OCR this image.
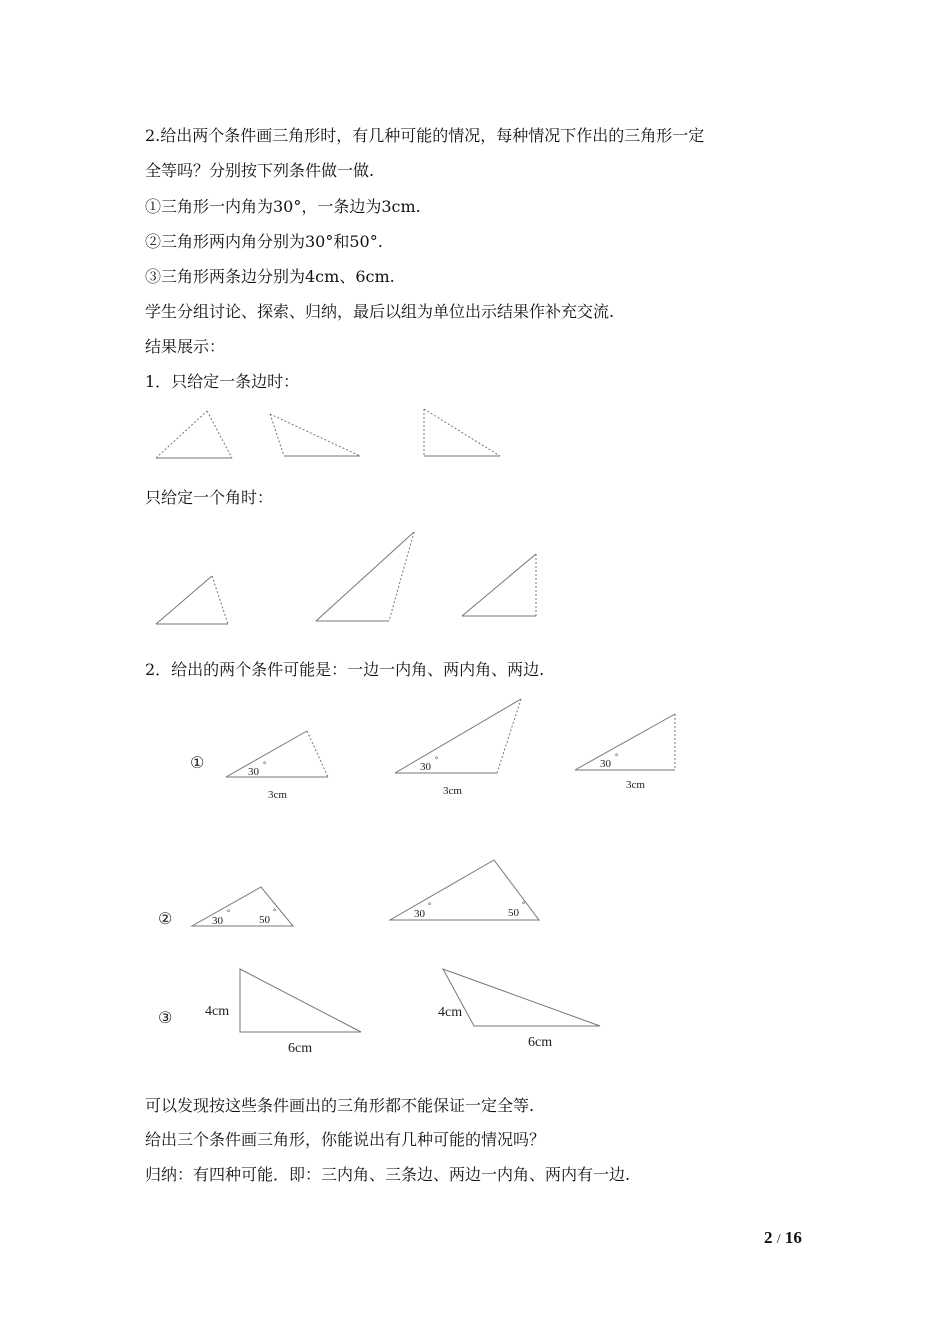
2.给出两个条件画三角形时，有几种可能的情况，每种情况下作出的三角形一定
全等吗？分别按下列条件做一做.
①三角形一内角为30°，一条边为3cm.
②三角形两内角分别为30°和50°.
③三角形两条边分别为4cm、6cm.
学生分组讨论、探索、归纳，最后以组为单位出示结果作补充交流.
结果展示：
1．只给定一条边时：
只给定一个角时：
2．给出的两个条件可能是：一边一内角、两内角、两边.
可以发现按这些条件画出的三角形都不能保证一定全等.
给出三个条件画三角形，你能说出有几种可能的情况吗？
归纳：有四种可能．即：三内角、三条边、两边一内角、两内有一边.
①
②
③
30
°
3cm
30
°
3cm
30
°
3cm
30
°
50
°	30
°
50
°
4cm
6cm
4cm
6cm
2 / 16
